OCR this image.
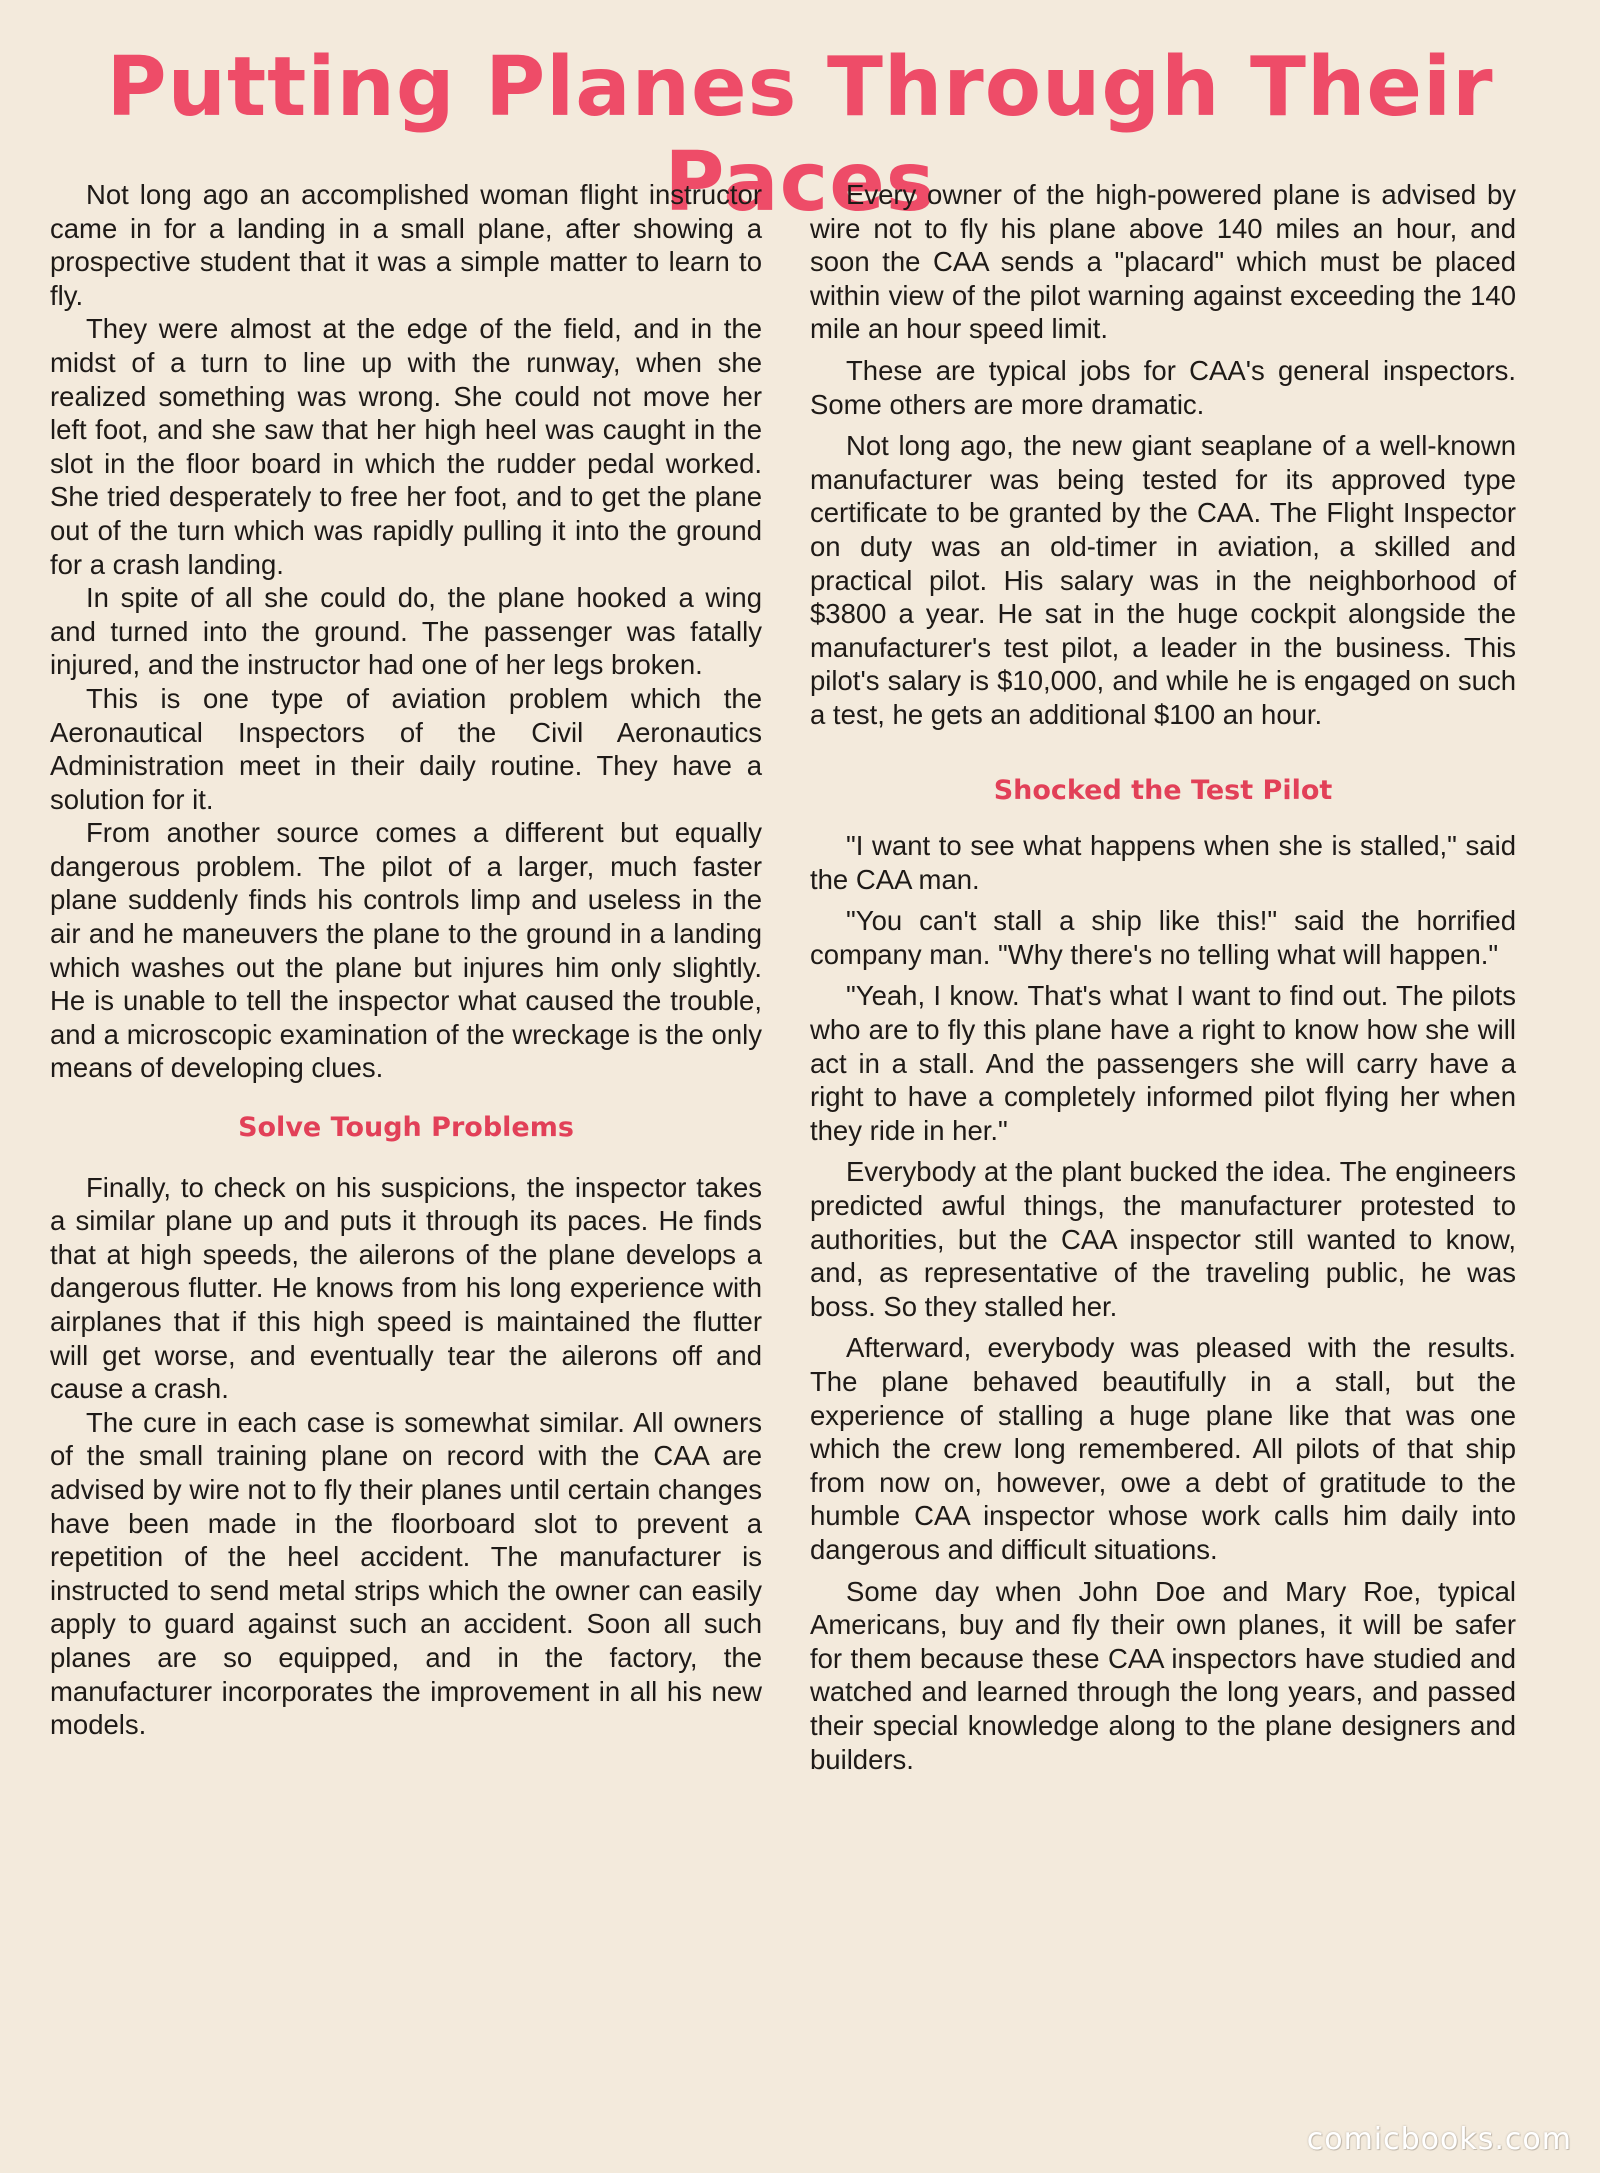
Putting Planes Through Their Paces

Not long ago an accomplished woman flight instructor came in for a landing in a small plane, after showing a prospective student that it was a simple matter to learn to fly.

They were almost at the edge of the field, and in the midst of a turn to line up with the runway, when she realized something was wrong. She could not move her left foot, and she saw that her high heel was caught in the slot in the floor board in which the rudder pedal worked. She tried desperately to free her foot, and to get the plane out of the turn which was rapidly pulling it into the ground for a crash landing.

In spite of all she could do, the plane hooked a wing and turned into the ground. The passenger was fatally injured, and the instructor had one of her legs broken.

This is one type of aviation problem which the Aeronautical Inspectors of the Civil Aeronautics Administration meet in their daily routine. They have a solution for it.

From another source comes a different but equally dangerous problem. The pilot of a larger, much faster plane suddenly finds his controls limp and useless in the air and he maneuvers the plane to the ground in a landing which washes out the plane but injures him only slightly. He is unable to tell the inspector what caused the trouble, and a microscopic examination of the wreckage is the only means of developing clues.

Solve Tough Problems

Finally, to check on his suspicions, the inspector takes a similar plane up and puts it through its paces. He finds that at high speeds, the ailerons of the plane develops a dangerous flutter. He knows from his long experience with airplanes that if this high speed is maintained the flutter will get worse, and eventually tear the ailerons off and cause a crash.

The cure in each case is somewhat similar. All owners of the small training plane on record with the CAA are advised by wire not to fly their planes until certain changes have been made in the floorboard slot to prevent a repetition of the heel accident. The manufacturer is instructed to send metal strips which the owner can easily apply to guard against such an accident. Soon all such planes are so equipped, and in the factory, the manufacturer incorporates the improvement in all his new models.

Every owner of the high-powered plane is advised by wire not to fly his plane above 140 miles an hour, and soon the CAA sends a "placard" which must be placed within view of the pilot warning against exceeding the 140 mile an hour speed limit.

These are typical jobs for CAA's general inspectors. Some others are more dramatic.

Not long ago, the new giant seaplane of a well-known manufacturer was being tested for its approved type certificate to be granted by the CAA. The Flight Inspector on duty was an old-timer in aviation, a skilled and practical pilot. His salary was in the neighborhood of $3800 a year. He sat in the huge cockpit alongside the manufacturer's test pilot, a leader in the business. This pilot's salary is $10,000, and while he is engaged on such a test, he gets an additional $100 an hour.

Shocked the Test Pilot

"I want to see what happens when she is stalled," said the CAA man.

"You can't stall a ship like this!" said the horrified company man. "Why there's no telling what will happen."

"Yeah, I know. That's what I want to find out. The pilots who are to fly this plane have a right to know how she will act in a stall. And the passengers she will carry have a right to have a completely informed pilot flying her when they ride in her."

Everybody at the plant bucked the idea. The engineers predicted awful things, the manufacturer protested to authorities, but the CAA inspector still wanted to know, and, as representative of the traveling public, he was boss. So they stalled her.

Afterward, everybody was pleased with the results. The plane behaved beautifully in a stall, but the experience of stalling a huge plane like that was one which the crew long remembered. All pilots of that ship from now on, however, owe a debt of gratitude to the humble CAA inspector whose work calls him daily into dangerous and difficult situations.

Some day when John Doe and Mary Roe, typical Americans, buy and fly their own planes, it will be safer for them because these CAA inspectors have studied and watched and learned through the long years, and passed their special knowledge along to the plane designers and builders.

comicbooks.com
